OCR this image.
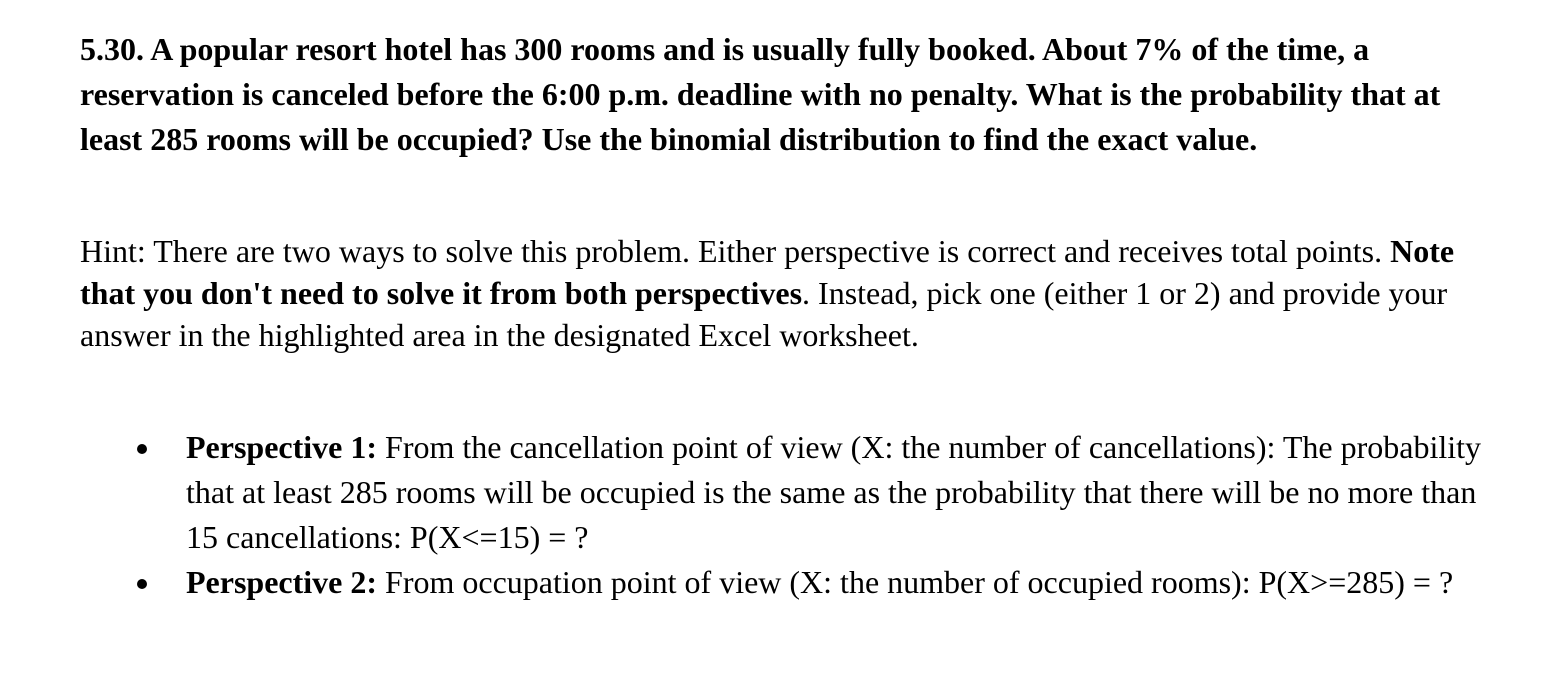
5.30. A popular resort hotel has 300 rooms and is usually fully booked. About 7% of the time, a reservation is canceled before the 6:00 p.m. deadline with no penalty. What is the probability that at least 285 rooms will be occupied? Use the binomial distribution to find the exact value.
Hint: There are two ways to solve this problem. Either perspective is correct and receives total points. Note that you don't need to solve it from both perspectives. Instead, pick one (either 1 or 2) and provide your answer in the highlighted area in the designated Excel worksheet.
Perspective 1: From the cancellation point of view (X: the number of cancellations): The probability that at least 285 rooms will be occupied is the same as the probability that there will be no more than 15 cancellations: P(X<=15) = ?
Perspective 2: From occupation point of view (X: the number of occupied rooms): P(X>=285) = ?
